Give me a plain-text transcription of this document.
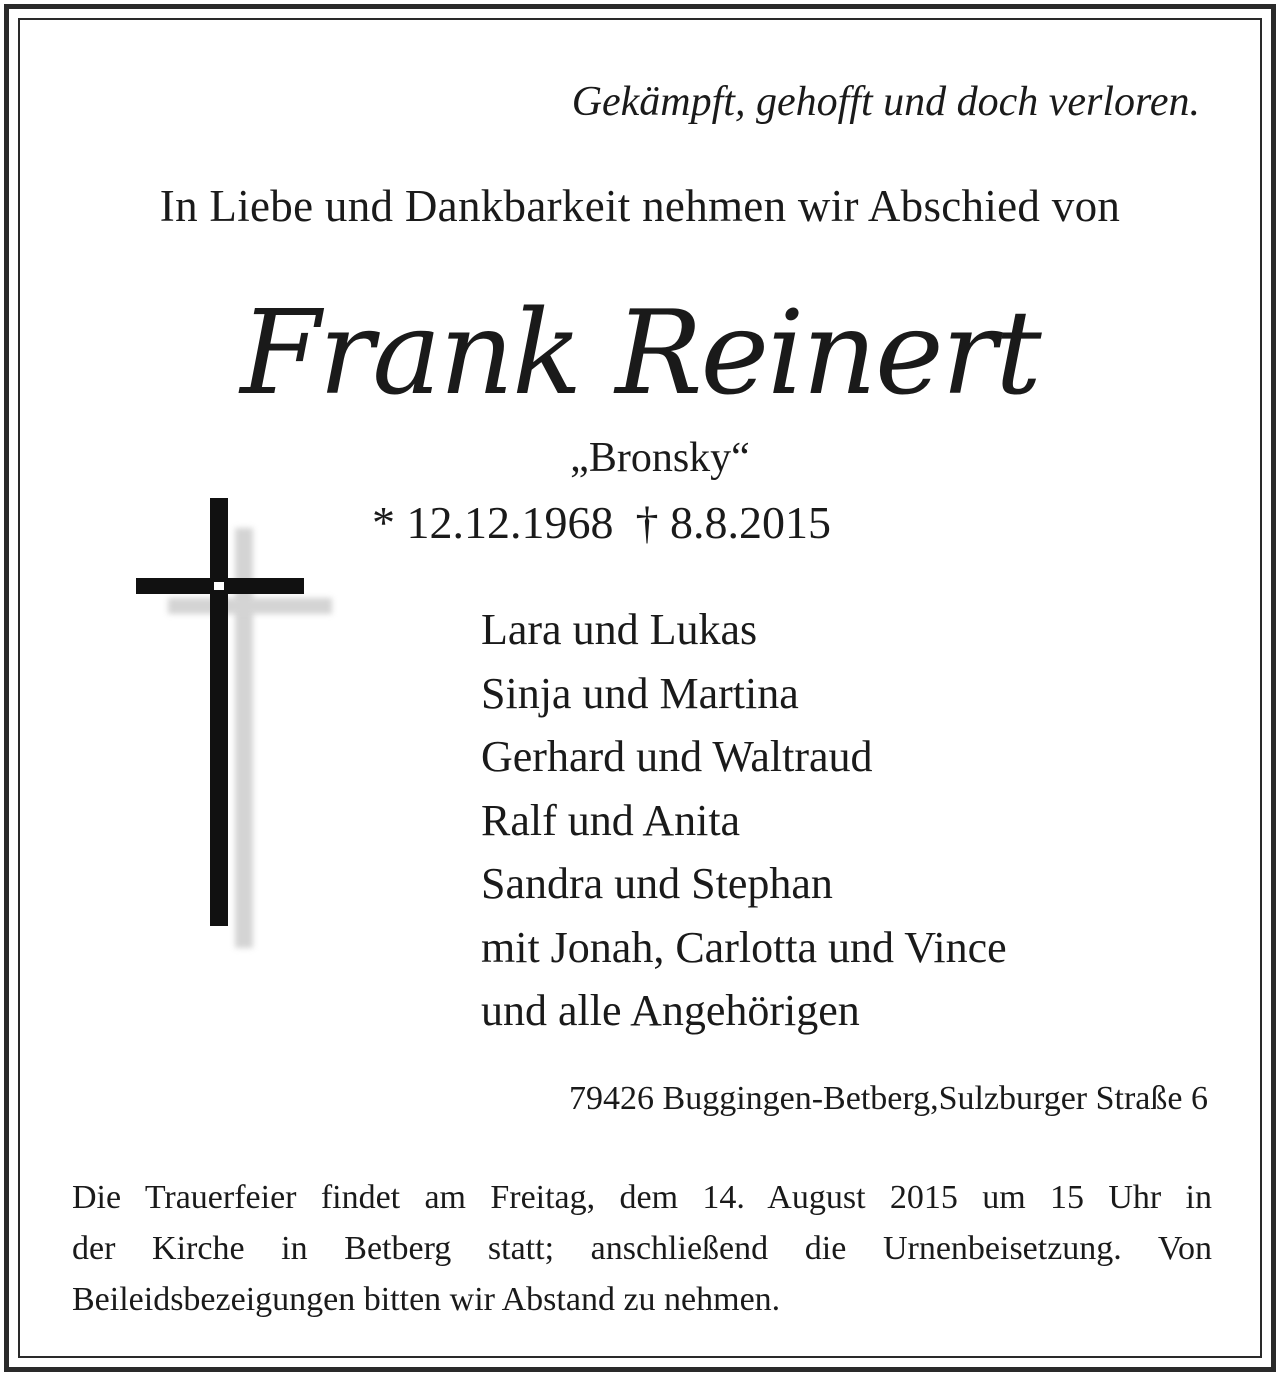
Gekämpft, gehofft und doch verloren.
In Liebe und Dankbarkeit nehmen wir Abschied von
Frank Reinert
„Bronsky“
* 12.12.1968 † 8.8.2015
Lara und Lukas
Sinja und Martina
Gerhard und Waltraud
Ralf und Anita
Sandra und Stephan
mit Jonah, Carlotta und Vince
und alle Angehörigen
79426 Buggingen-Betberg,Sulzburger Straße 6
Die Trauerfeier findet am Freitag, dem 14. August 2015 um 15 Uhr in
der Kirche in Betberg statt; anschließend die Urnenbeisetzung. Von
Beileidsbezeigungen bitten wir Abstand zu nehmen.
